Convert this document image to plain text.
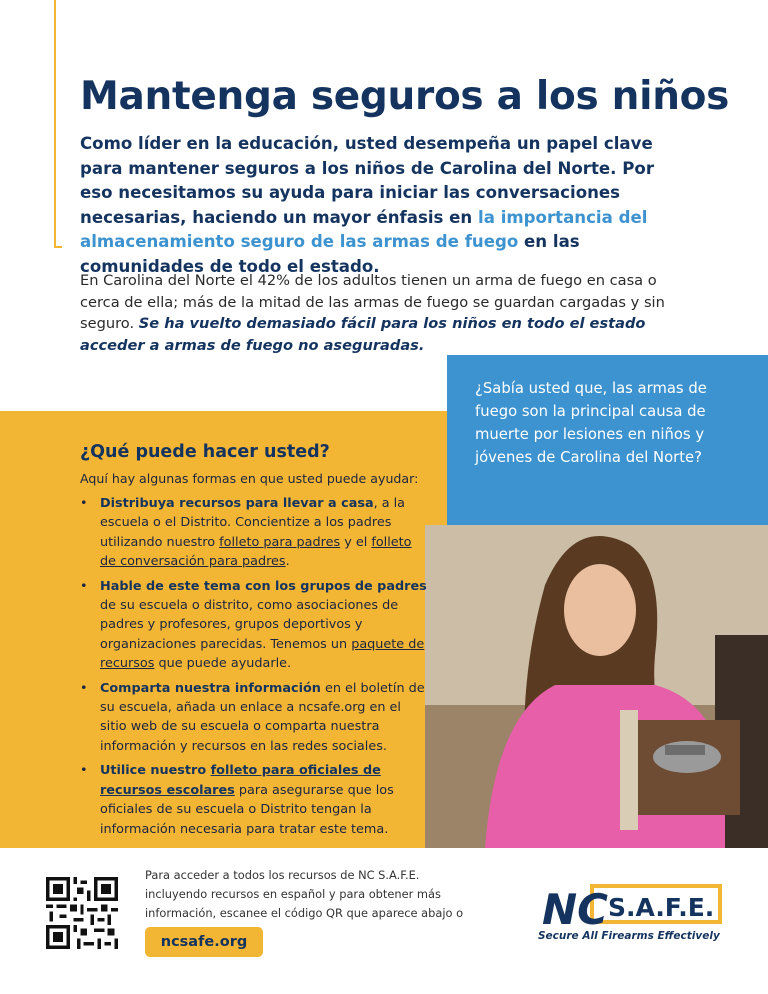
Mantenga seguros a los niños

Como líder en la educación, usted desempeña un papel clave para mantener seguros a los niños de Carolina del Norte. Por eso necesitamos su ayuda para iniciar las conversaciones necesarias, haciendo un mayor énfasis en la importancia del almacenamiento seguro de las armas de fuego en las comunidades de todo el estado.

En Carolina del Norte el 42% de los adultos tienen un arma de fuego en casa o cerca de ella; más de la mitad de las armas de fuego se guardan cargadas y sin seguro. Se ha vuelto demasiado fácil para los niños en todo el estado acceder a armas de fuego no aseguradas.

¿Sabía usted que, las armas de fuego son la principal causa de muerte por lesiones en niños y jóvenes de Carolina del Norte?

¿Qué puede hacer usted?

Aquí hay algunas formas en que usted puede ayudar:

• Distribuya recursos para llevar a casa, a la escuela o el Distrito. Concientize a los padres utilizando nuestro folleto para padres y el folleto de conversación para padres.
• Hable de este tema con los grupos de padres de su escuela o distrito, como asociaciones de padres y profesores, grupos deportivos y organizaciones parecidas. Tenemos un paquete de recursos que puede ayudarle.
• Comparta nuestra información en el boletín de su escuela, añada un enlace a ncsafe.org en el sitio web de su escuela o comparta nuestra información y recursos en las redes sociales.
• Utilice nuestro folleto para oficiales de recursos escolares para asegurarse que los oficiales de su escuela o Distrito tengan la información necesaria para tratar este tema.

Para acceder a todos los recursos de NC S.A.F.E. incluyendo recursos en español y para obtener más información, escanee el código QR que aparece abajo o

ncsafe.org
NC S.A.F.E.
Secure All Firearms Effectively
